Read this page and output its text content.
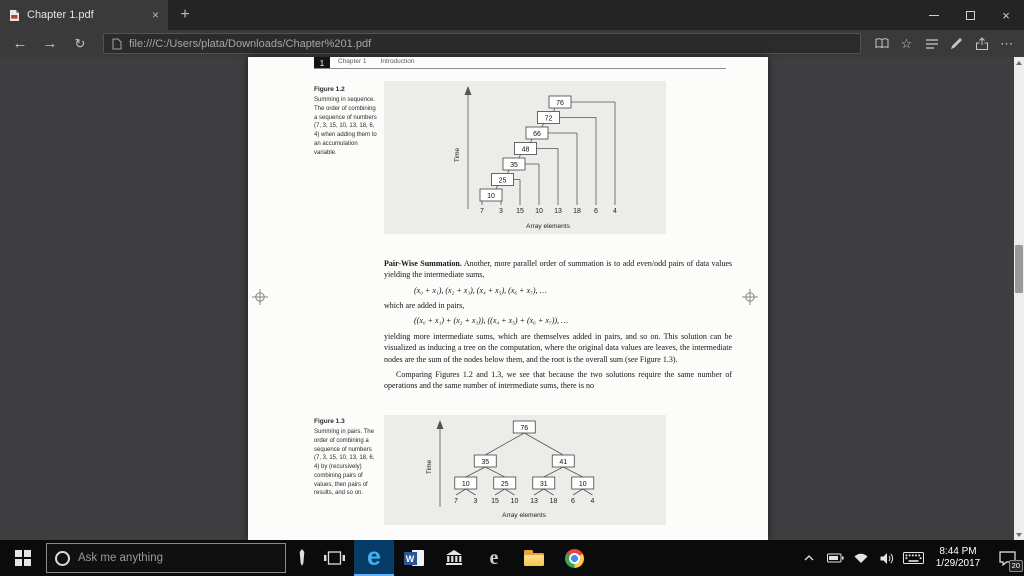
Chapter 1.pdf	×	+	×
←	→	↻	file:///C:/Users/plata/Downloads/Chapter%201.pdf	☆	⋯
1	Chapter 1 Introduction
Figure 1.2
Summing in sequence. The order of combining a sequence of numbers (7, 3, 15, 10, 13, 18, 6, 4) when adding them to an accumulation variable.	Time
7 3 15 10 13 18 6 4
Array elements
10
25
35
48
66
72
76

Pair-Wise Summation. Another, more parallel order of summation is to add even/odd pairs of data values yielding the intermediate sums,

(x₀ + x₁), (x₂ + x₃), (x₄ + x₅), (x₆ + x₇), …

which are added in pairs,

((x₀ + x₁) + (x₂ + x₃)), ((x₄ + x₅) + (x₆ + x₇)), …

yielding more intermediate sums, which are themselves added in pairs, and so on. This solution can be visualized as inducing a tree on the computation, where the original data values are leaves, the intermediate nodes are the sum of the nodes below them, and the root is the overall sum (see Figure 1.3).

Comparing Figures 1.2 and 1.3, we see that because the two solutions require the same number of operations and the same number of intermediate sums, there is no

Figure 1.3
Summing in pairs. The order of combining a sequence of numbers (7, 3, 15, 10, 13, 18, 6, 4) by (recursively) combining pairs of values, then pairs of results, and so on.
Time
7 3 15 10 13 18 6 4
Array elements
10	25	31	10
35	41
76
Ask me anything
e	W	e	8:44 PM
1/29/2017	20
